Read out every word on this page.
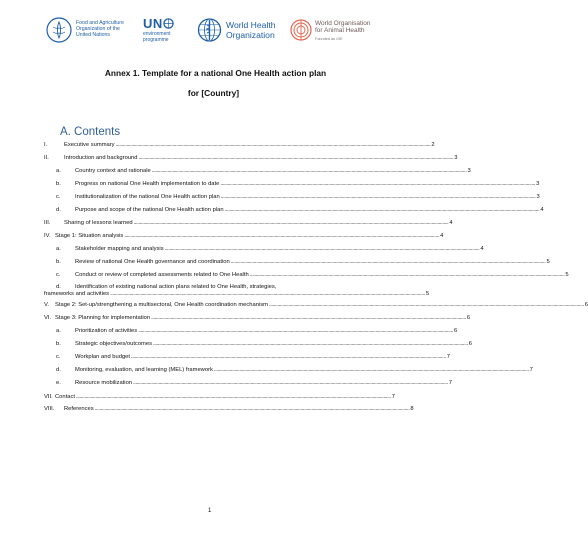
Food and Agriculture
Organization of the
United Nations
UN
environment
programme
World Health
Organization
World Organisation
for Animal Health
Founded as OIE
Annex 1. Template for a national One Health action plan
for [Country]
A. Contents
I.	Executive summary .................................................................................................................................................................................................................................................................... 2
II.	Introduction and background .................................................................................................................................................................................................................................................................... 3
a. Country context and rationale .................................................................................................................................................................................................................................................................... 3
b. Progress on national One Health implementation to date .................................................................................................................................................................................................................................................................... 3
c. Institutionalization of the national One Health action plan .................................................................................................................................................................................................................................................................... 3
d. Purpose and scope of the national One Health action plan .................................................................................................................................................................................................................................................................... 4
III. Sharing of lessons learned .................................................................................................................................................................................................................................................................... 4
IV. Stage 1: Situation analysis .................................................................................................................................................................................................................................................................... 4
a. Stakeholder mapping and analysis .................................................................................................................................................................................................................................................................... 4
b. Review of national One Health governance and coordination .................................................................................................................................................................................................................................................................... 5
c. Conduct or review of completed assessments related to One Health .................................................................................................................................................................................................................................................................... 5
d. Identification of existing national action plans related to One Health, strategies,
frameworks and activities .................................................................................................................................................................................................................................................................... 5
V. Stage 2: Set-up/strengthening a multisectoral, One Health coordination mechanism .................................................................................................................................................................................................................................................................... 6
VI. Stage 3: Planning for implementation .................................................................................................................................................................................................................................................................... 6
a. Prioritization of activities .................................................................................................................................................................................................................................................................... 6
b. Strategic objectives/outcomes .................................................................................................................................................................................................................................................................... 6
c. Workplan and budget .................................................................................................................................................................................................................................................................... 7
d. Monitoring, evaluation, and learning (MEL) framework .................................................................................................................................................................................................................................................................... 7
e. Resource mobilization .................................................................................................................................................................................................................................................................... 7
VII. Contact .................................................................................................................................................................................................................................................................... 7
VIII. References .................................................................................................................................................................................................................................................................... 8
1
